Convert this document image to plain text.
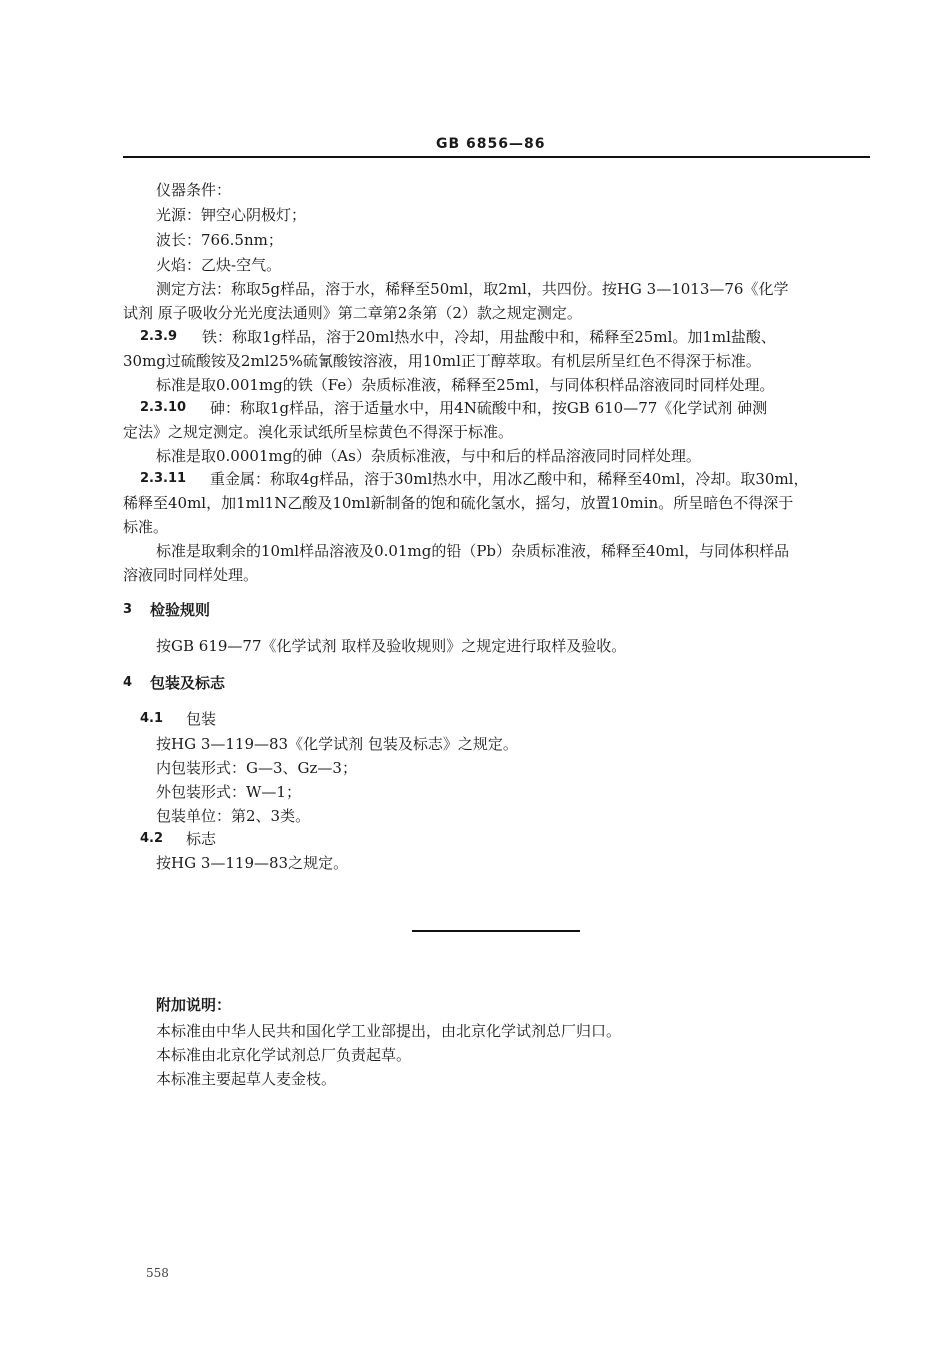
GB 6856—86
仪器条件：
光源：钾空心阴极灯；
波长：766.5nm；
火焰：乙炔-空气。
测定方法：称取5g样品，溶于水，稀释至50ml，取2ml，共四份。按HG 3—1013—76《化学
试剂 原子吸收分光光度法通则》第二章第2条第（2）款之规定测定。
2.3.9 铁：称取1g样品，溶于20ml热水中，冷却，用盐酸中和，稀释至25ml。加1ml盐酸、
30mg过硫酸铵及2ml25%硫氰酸铵溶液，用10ml正丁醇萃取。有机层所呈红色不得深于标准。
标准是取0.001mg的铁（Fe）杂质标准液，稀释至25ml，与同体积样品溶液同时同样处理。
2.3.10 砷：称取1g样品，溶于适量水中，用4N硫酸中和，按GB 610—77《化学试剂 砷测
定法》之规定测定。溴化汞试纸所呈棕黄色不得深于标准。
标准是取0.0001mg的砷（As）杂质标准液，与中和后的样品溶液同时同样处理。
2.3.11 重金属：称取4g样品，溶于30ml热水中，用冰乙酸中和，稀释至40ml，冷却。取30ml，
稀释至40ml，加1ml1N乙酸及10ml新制备的饱和硫化氢水，摇匀，放置10min。所呈暗色不得深于
标准。
标准是取剩余的10ml样品溶液及0.01mg的铅（Pb）杂质标准液，稀释至40ml，与同体积样品
溶液同时同样处理。
3 检验规则
按GB 619—77《化学试剂 取样及验收规则》之规定进行取样及验收。
4 包装及标志
4.1 包装
按HG 3—119—83《化学试剂 包装及标志》之规定。
内包装形式：G—3、Gz—3；
外包装形式：W—1；
包装单位：第2、3类。
4.2 标志
按HG 3—119—83之规定。
附加说明：
本标准由中华人民共和国化学工业部提出，由北京化学试剂总厂归口。
本标准由北京化学试剂总厂负责起草。
本标准主要起草人麦金枝。
558
